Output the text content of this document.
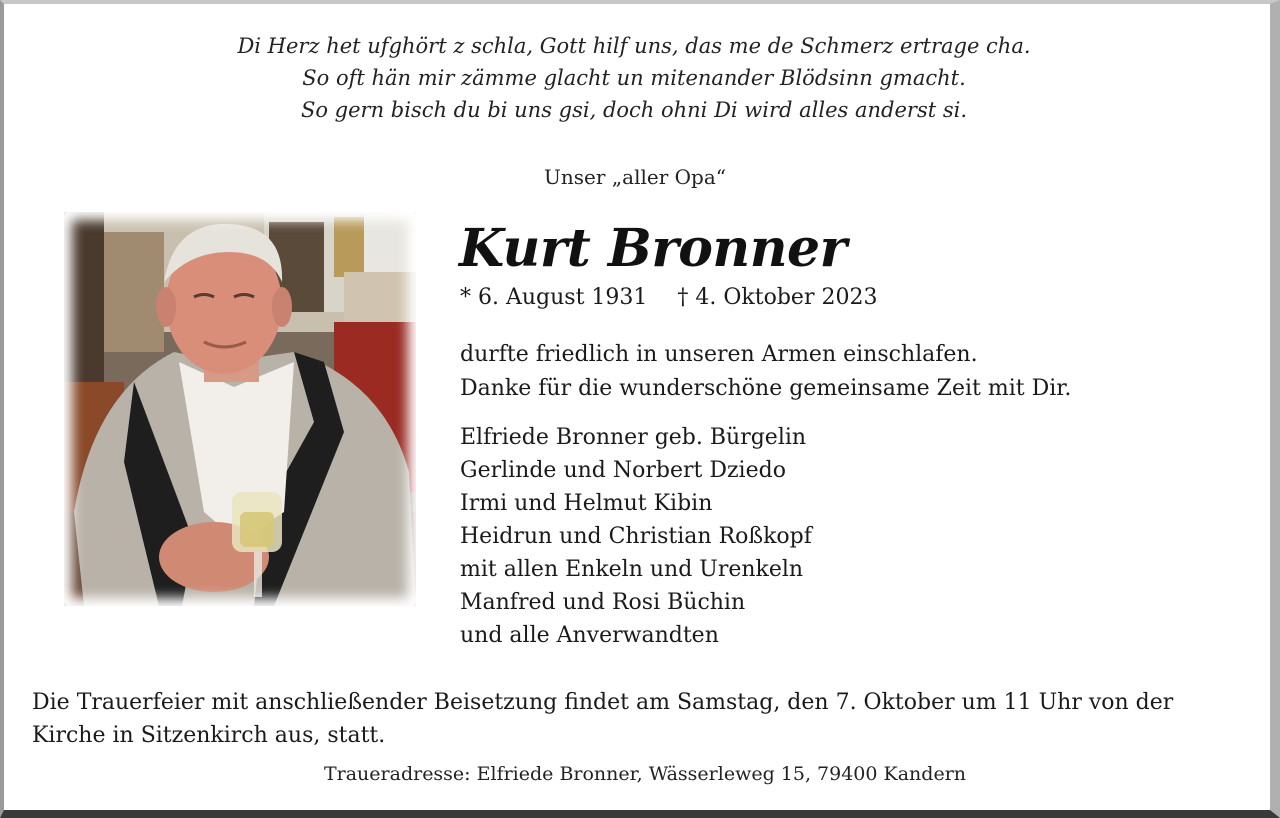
Di Herz het ufghört z schla, Gott hilf uns, das me de Schmerz ertrage cha.
So oft hän mir zämme glacht un mitenander Blödsinn gmacht.
So gern bisch du bi uns gsi, doch ohni Di wird alles anderst si.
Unser „aller Opa“
Kurt Bronner
* 6. August 1931 † 4. Oktober 2023
durfte friedlich in unseren Armen einschlafen.
Danke für die wunderschöne gemeinsame Zeit mit Dir.
Elfriede Bronner geb. Bürgelin
Gerlinde und Norbert Dziedo
Irmi und Helmut Kibin
Heidrun und Christian Roßkopf
mit allen Enkeln und Urenkeln
Manfred und Rosi Büchin
und alle Anverwandten
Die Trauerfeier mit anschließender Beisetzung findet am Samstag, den 7. Oktober um 11 Uhr von der Kirche in Sitzenkirch aus, statt.
Traueradresse: Elfriede Bronner, Wässerleweg 15, 79400 Kandern
